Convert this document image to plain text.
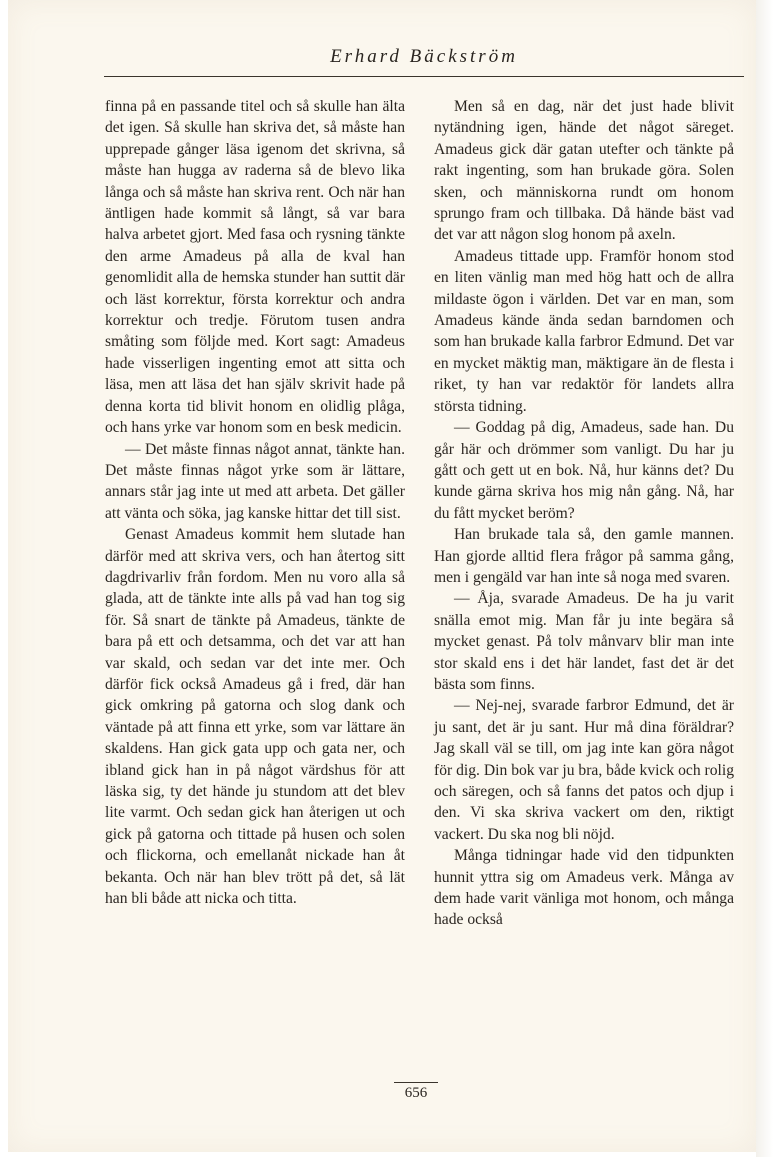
Erhard Bäckström

finna på en passande titel och så skulle han älta det igen. Så skulle han skriva det, så måste han upprepade gånger läsa igenom det skrivna, så måste han hugga av raderna så de blevo lika långa och så måste han skriva rent. Och när han äntligen hade kommit så långt, så var bara halva arbetet gjort. Med fasa och rysning tänkte den arme Amadeus på alla de kval han genomlidit alla de hemska stunder han suttit där och läst korrektur, första korrektur och andra korrektur och tredje. Förutom tusen andra småting som följde med. Kort sagt: Amadeus hade visserligen ingenting emot att sitta och läsa, men att läsa det han själv skrivit hade på denna korta tid blivit honom en olidlig plåga, och hans yrke var honom som en besk medicin.

— Det måste finnas något annat, tänkte han. Det måste finnas något yrke som är lättare, annars står jag inte ut med att arbeta. Det gäller att vänta och söka, jag kanske hittar det till sist.

Genast Amadeus kommit hem slutade han därför med att skriva vers, och han återtog sitt dagdrivarliv från fordom. Men nu voro alla så glada, att de tänkte inte alls på vad han tog sig för. Så snart de tänkte på Amadeus, tänkte de bara på ett och detsamma, och det var att han var skald, och sedan var det inte mer. Och därför fick också Amadeus gå i fred, där han gick omkring på gatorna och slog dank och väntade på att finna ett yrke, som var lättare än skaldens. Han gick gata upp och gata ner, och ibland gick han in på något värdshus för att läska sig, ty det hände ju stundom att det blev lite varmt. Och sedan gick han återigen ut och gick på gatorna och tittade på husen och solen och flickorna, och emellanåt nickade han åt bekanta. Och när han blev trött på det, så lät han bli både att nicka och titta.

Men så en dag, när det just hade blivit nytändning igen, hände det något säreget. Amadeus gick där gatan utefter och tänkte på rakt ingenting, som han brukade göra. Solen sken, och människorna rundt om honom sprungo fram och tillbaka. Då hände bäst vad det var att någon slog honom på axeln.

Amadeus tittade upp. Framför honom stod en liten vänlig man med hög hatt och de allra mildaste ögon i världen. Det var en man, som Amadeus kände ända sedan barndomen och som han brukade kalla farbror Edmund. Det var en mycket mäktig man, mäktigare än de flesta i riket, ty han var redaktör för landets allra största tidning.

— Goddag på dig, Amadeus, sade han. Du går här och drömmer som vanligt. Du har ju gått och gett ut en bok. Nå, hur känns det? Du kunde gärna skriva hos mig nån gång. Nå, har du fått mycket beröm?

Han brukade tala så, den gamle mannen. Han gjorde alltid flera frågor på samma gång, men i gengäld var han inte så noga med svaren.

— Åja, svarade Amadeus. De ha ju varit snälla emot mig. Man får ju inte begära så mycket genast. På tolv månvarv blir man inte stor skald ens i det här landet, fast det är det bästa som finns.

— Nej-nej, svarade farbror Edmund, det är ju sant, det är ju sant. Hur må dina föräldrar? Jag skall väl se till, om jag inte kan göra något för dig. Din bok var ju bra, både kvick och rolig och säregen, och så fanns det patos och djup i den. Vi ska skriva vackert om den, riktigt vackert. Du ska nog bli nöjd.

Många tidningar hade vid den tidpunkten hunnit yttra sig om Amadeus verk. Många av dem hade varit vänliga mot honom, och många hade också

656
